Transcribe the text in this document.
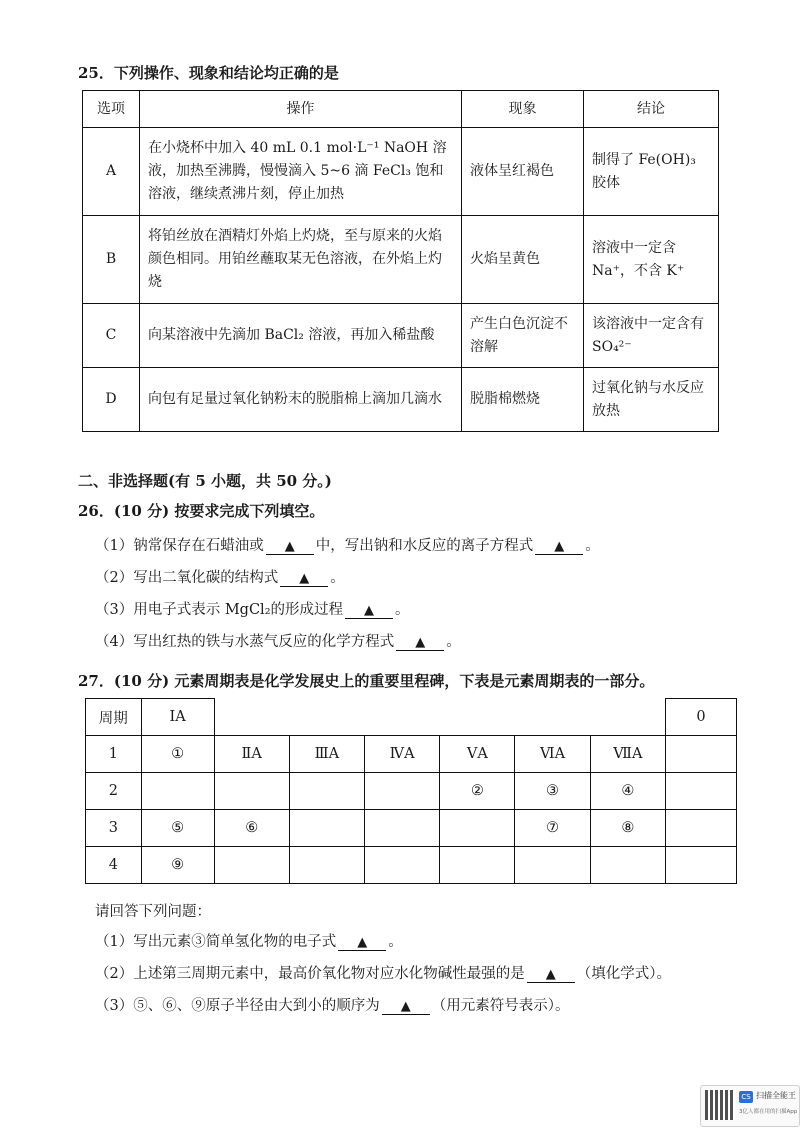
25．下列操作、现象和结论均正确的是
选项	操作	现象	结论
A	在小烧杯中加入 40 mL 0.1 mol·L⁻¹ NaOH 溶液，加热至沸腾，慢慢滴入 5~6 滴 FeCl₃ 饱和溶液，继续煮沸片刻，停止加热	液体呈红褐色	制得了 Fe(OH)₃ 胶体
B	将铂丝放在酒精灯外焰上灼烧，至与原来的火焰颜色相同。用铂丝蘸取某无色溶液，在外焰上灼烧	火焰呈黄色	溶液中一定含 Na⁺，不含 K⁺
C	向某溶液中先滴加 BaCl₂ 溶液，再加入稀盐酸	产生白色沉淀不溶解	该溶液中一定含有 SO₄²⁻
D	向包有足量过氧化钠粉末的脱脂棉上滴加几滴水	脱脂棉燃烧	过氧化钠与水反应放热
二、非选择题(有 5 小题，共 50 分。)
26．(10 分) 按要求完成下列填空。
（1）钠常保存在石蜡油或 ▲ 中，写出钠和水反应的离子方程式 ▲ 。
（2）写出二氧化碳的结构式 ▲ 。
（3）用电子式表示 MgCl₂的形成过程 ▲ 。
（4）写出红热的铁与水蒸气反应的化学方程式 ▲ 。
27．(10 分) 元素周期表是化学发展史上的重要里程碑，下表是元素周期表的一部分。
周期	ⅠA							0
1	①	ⅡA	ⅢA	ⅣA	ⅤA	ⅥA	ⅦA	
2					②	③	④	
3	⑤	⑥				⑦	⑧	
4	⑨							
请回答下列问题：
（1）写出元素③简单氢化物的电子式 ▲ 。
（2）上述第三周期元素中，最高价氧化物对应水化物碱性最强的是 ▲ （填化学式）。
（3）⑤、⑥、⑨原子半径由大到小的顺序为 ▲ （用元素符号表示）。
CS 扫描全能王
3亿人都在用的扫描App
